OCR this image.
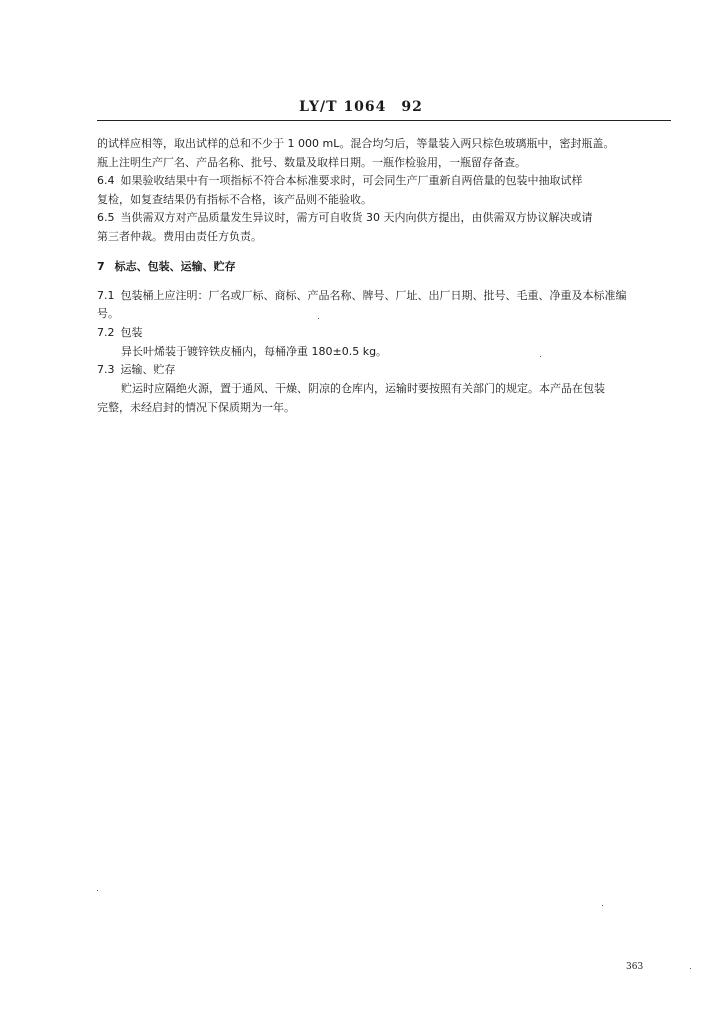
LY/T 1064　92
的试样应相等，取出试样的总和不少于 1 000 mL。混合均匀后，等量装入两只棕色玻璃瓶中，密封瓶盖。
瓶上注明生产厂名、产品名称、批号、数量及取样日期。一瓶作检验用，一瓶留存备查。
6.4 如果验收结果中有一项指标不符合本标准要求时，可会同生产厂重新自两倍量的包装中抽取试样
复检，如复查结果仍有指标不合格，该产品则不能验收。
6.5 当供需双方对产品质量发生异议时，需方可自收货 30 天内向供方提出，由供需双方协议解决或请
第三者仲裁。费用由责任方负责。
7 标志、包装、运输、贮存
7.1 包装桶上应注明：厂名或厂标、商标、产品名称、牌号、厂址、出厂日期、批号、毛重、净重及本标准编
号。
7.2 包装
异长叶烯装于镀锌铁皮桶内，每桶净重 180±0.5 kg。
7.3 运输、贮存
贮运时应隔绝火源，置于通风、干燥、阴凉的仓库内，运输时要按照有关部门的规定。本产品在包装
完整，未经启封的情况下保质期为一年。
363
